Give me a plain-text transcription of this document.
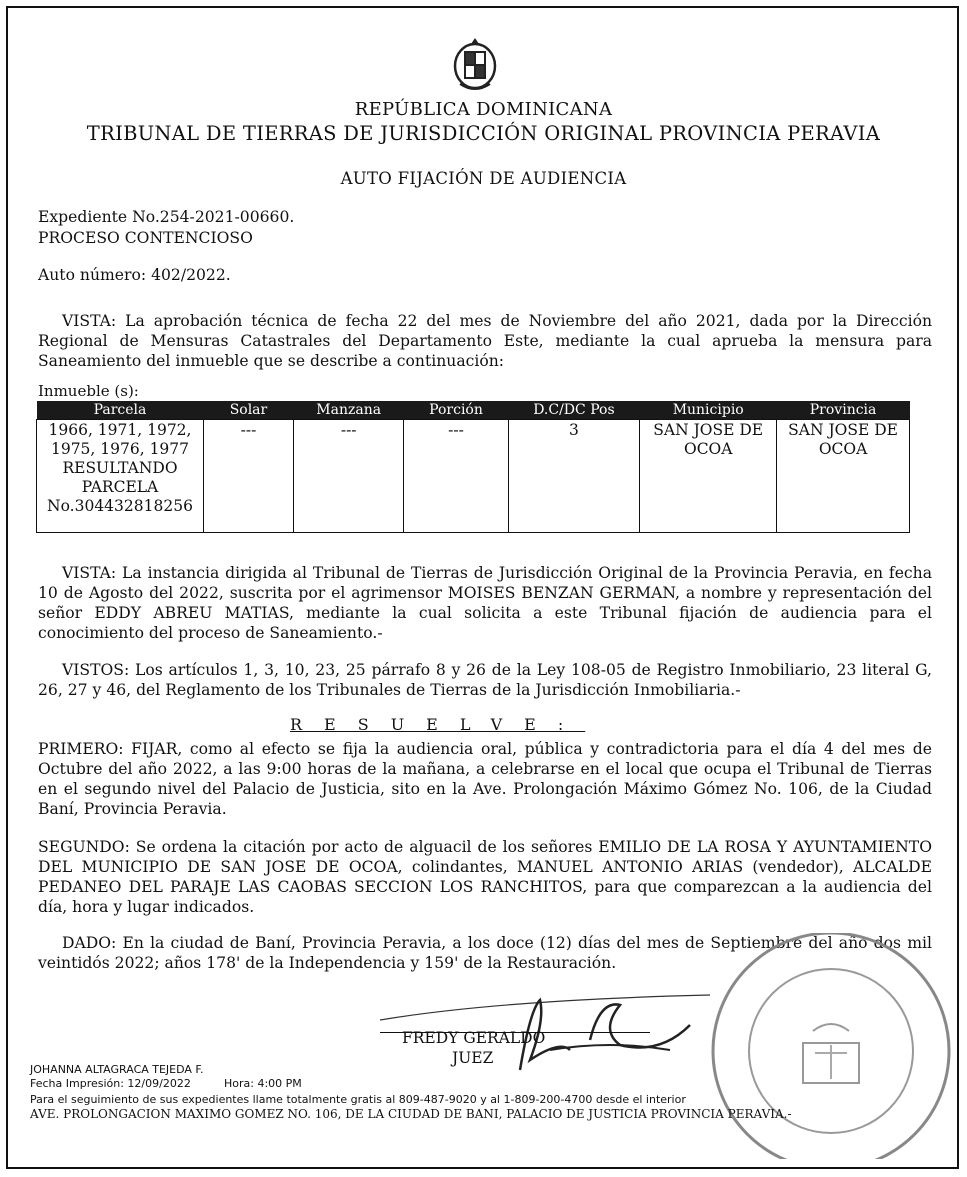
REPÚBLICA DOMINICANA
TRIBUNAL DE TIERRAS DE JURISDICCIÓN ORIGINAL PROVINCIA PERAVIA
AUTO FIJACIÓN DE AUDIENCIA
Expediente No.254-2021-00660.
PROCESO CONTENCIOSO
Auto número: 402/2022.
VISTA: La aprobación técnica de fecha 22 del mes de Noviembre del año 2021, dada por la Dirección Regional de Mensuras Catastrales del Departamento Este, mediante la cual aprueba la mensura para Saneamiento del inmueble que se describe a continuación:
Inmueble (s):
Parcela	Solar	Manzana	Porción	D.C/DC Pos	Municipio	Provincia
1966, 1971, 1972, 1975, 1976, 1977 RESULTANDO PARCELA No.304432818256	---	---	---	3	SAN JOSE DE OCOA	SAN JOSE DE OCOA
VISTA: La instancia dirigida al Tribunal de Tierras de Jurisdicción Original de la Provincia Peravia, en fecha 10 de Agosto del 2022, suscrita por el agrimensor MOISES BENZAN GERMAN, a nombre y representación del señor EDDY ABREU MATIAS, mediante la cual solicita a este Tribunal fijación de audiencia para el conocimiento del proceso de Saneamiento.-
VISTOS: Los artículos 1, 3, 10, 23, 25 párrafo 8 y 26 de la Ley 108-05 de Registro Inmobiliario, 23 literal G, 26, 27 y 46, del Reglamento de los Tribunales de Tierras de la Jurisdicción Inmobiliaria.-
RESUELVE:
PRIMERO: FIJAR, como al efecto se fija la audiencia oral, pública y contradictoria para el día 4 del mes de Octubre del año 2022, a las 9:00 horas de la mañana, a celebrarse en el local que ocupa el Tribunal de Tierras en el segundo nivel del Palacio de Justicia, sito en la Ave. Prolongación Máximo Gómez No. 106, de la Ciudad Baní, Provincia Peravia.
SEGUNDO: Se ordena la citación por acto de alguacil de los señores EMILIO DE LA ROSA Y AYUNTAMIENTO DEL MUNICIPIO DE SAN JOSE DE OCOA, colindantes, MANUEL ANTONIO ARIAS (vendedor), ALCALDE PEDANEO DEL PARAJE LAS CAOBAS SECCION LOS RANCHITOS, para que comparezcan a la audiencia del día, hora y lugar indicados.
DADO: En la ciudad de Baní, Provincia Peravia, a los doce (12) días del mes de Septiembre del año dos mil veintidós 2022; años 178' de la Independencia y 159' de la Restauración.
FREDY GERALDO
JUEZ
JOHANNA ALTAGRACA TEJEDA F.
Fecha Impresión: 12/09/2022	Hora: 4:00 PM
Para el seguimiento de sus expedientes llame totalmente gratis al 809-487-9020 y al 1-809-200-4700 desde el interior
AVE. PROLONGACION MAXIMO GOMEZ NO. 106, DE LA CIUDAD DE BANI, PALACIO DE JUSTICIA PROVINCIA PERAVIA.-
